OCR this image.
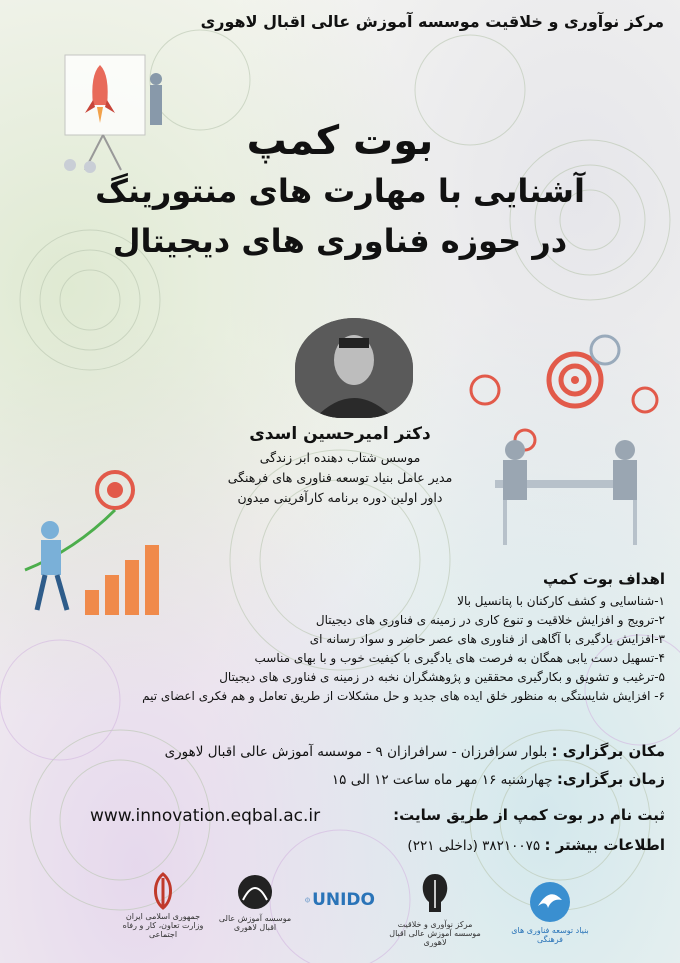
مرکز نوآوری و خلاقیت موسسه آموزش عالی اقبال لاهوری
بوت کمپ
آشنایی با مهارت های منتورینگ
در حوزه فناوری های دیجیتال
دکتر امیرحسین اسدی
موسس شتاب دهنده ابر زندگی
مدیر عامل بنیاد توسعه فناوری های فرهنگی
داور اولین دوره برنامه کارآفرینی میدون
اهداف بوت کمپ
۱-شناسایی و کشف کارکنان با پتانسیل بالا
۲-ترویج و افزایش خلاقیت و تنوع کاری در زمینه ی فناوری های دیجیتال
۳-افزایش یادگیری با آگاهی از فناوری های عصر حاضر و سواد رسانه ای
۴-تسهیل دست یابی همگان به فرصت های یادگیری با کیفیت خوب و با بهای مناسب
۵-ترغیب و تشویق و بکارگیری محققین و پژوهشگران نخبه در زمینه ی فناوری های دیجیتال
۶- افزایش شایستگی به منظور خلق ایده های جدید و حل مشکلات از طریق تعامل و هم فکری اعضای تیم
مکان برگزاری : بلوار سرافرزان - سرافرازان ۹ - موسسه آموزش عالی اقبال لاهوری
زمان برگزاری: چهارشنبه ۱۶ مهر ماه ساعت ۱۲ الی ۱۵
ثبت نام در بوت کمپ از طریق سایت:
www.innovation.eqbal.ac.ir
اطلاعات بیشتر : ۳۸۲۱۰۰۷۵ (داخلی ۲۲۱)
جمهوری اسلامی ایران
وزارت تعاون، کار و رفاه اجتماعی
موسسه آموزش عالی
اقبال لاهوری
UNIDO
مرکز نوآوری و خلاقیت
موسسه آموزش عالی اقبال لاهوری
بنیاد توسعه فناوری های فرهنگی
